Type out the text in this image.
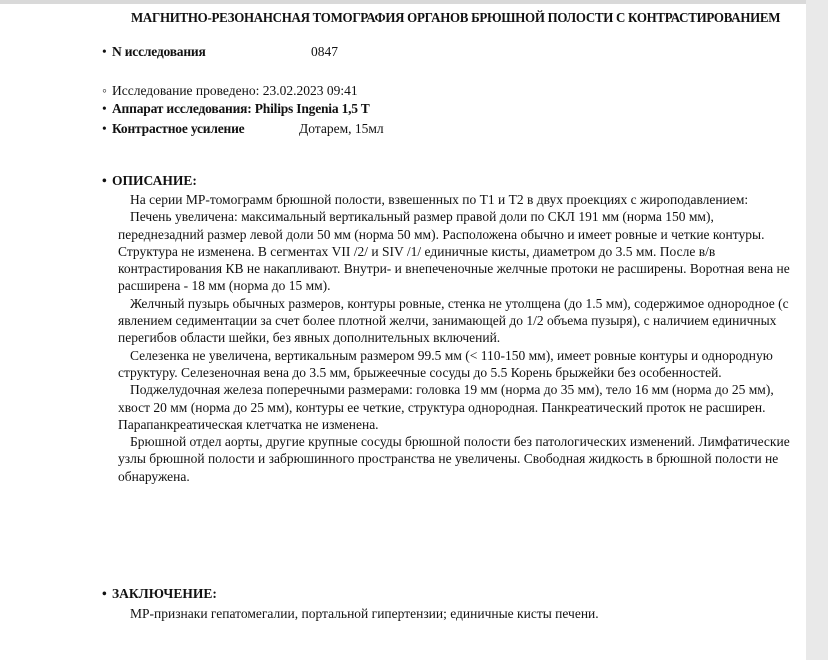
МАГНИТНО-РЕЗОНАНСНАЯ ТОМОГРАФИЯ ОРГАНОВ БРЮШНОЙ ПОЛОСТИ С КОНТРАСТИРОВАНИЕМ
• N исследования	0847
◦ Исследование проведено: 23.02.2023 09:41
• Аппарат исследования: Philips Ingenia 1,5 T
• Контрастное усиление	Дотарем, 15мл
• ОПИСАНИЕ:

На серии МР-томограмм брюшной полости, взвешенных по Т1 и Т2 в двух проекциях с жироподавлением:

Печень увеличена: максимальный вертикальный размер правой доли по СКЛ 191 мм (норма 150 мм), переднезадний размер левой доли 50 мм (норма 50 мм). Расположена обычно и имеет ровные и четкие контуры. Структура не изменена. В сегментах VII /2/ и SIV /1/ единичные кисты, диаметром до 3.5 мм. После в/в контрастирования КВ не накапливают. Внутри- и внепеченочные желчные протоки не расширены. Воротная вена не расширена - 18 мм (норма до 15 мм).

Желчный пузырь обычных размеров, контуры ровные, стенка не утолщена (до 1.5 мм), содержимое однородное (с явлением седиментации за счет более плотной желчи, занимающей до 1/2 объема пузыря), с наличием единичных перегибов области шейки, без явных дополнительных включений.

Селезенка не увеличена, вертикальным размером 99.5 мм (< 110-150 мм), имеет ровные контуры и однородную структуру. Селезеночная вена до 3.5 мм, брыжеечные сосуды до 5.5 Корень брыжейки без особенностей.

Поджелудочная железа поперечными размерами: головка 19 мм (норма до 35 мм), тело 16 мм (норма до 25 мм), хвост 20 мм (норма до 25 мм), контуры ее четкие, структура однородная. Панкреатический проток не расширен. Парапанкреатическая клетчатка не изменена.

Брюшной отдел аорты, другие крупные сосуды брюшной полости без патологических изменений. Лимфатические узлы брюшной полости и забрюшинного пространства не увеличены. Свободная жидкость в брюшной полости не обнаружена.

• ЗАКЛЮЧЕНИЕ:

МР-признаки гепатомегалии, портальной гипертензии; единичные кисты печени.
